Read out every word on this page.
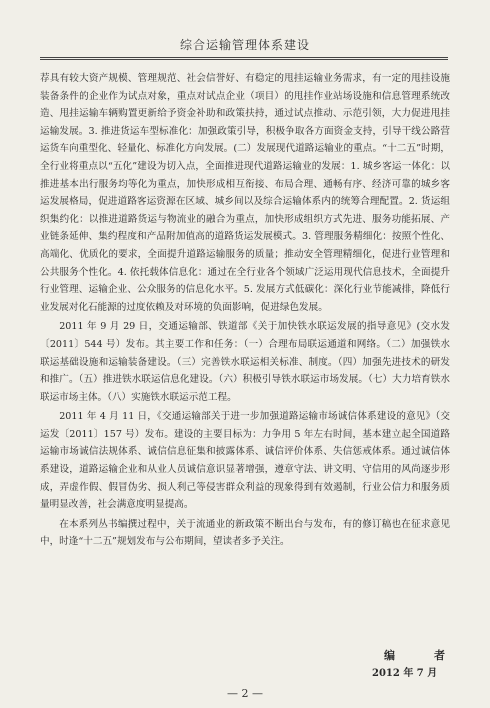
综合运输管理体系建设

荐具有较大资产规模、管理规范、社会信誉好、有稳定的甩挂运输业务需求，有一定的甩挂设施装备条件的企业作为试点对象，重点对试点企业（项目）的甩挂作业站场设施和信息管理系统改造、甩挂运输车辆购置更新给予资金补助和政策扶持，通过试点推动、示范引领，大力促进甩挂运输发展。3. 推进货运车型标准化：加强政策引导，积极争取各方面资金支持，引导干线公路营运货车向重型化、轻量化、标准化方向发展。(二）发展现代道路运输业的重点。“十二五”时期，全行业将重点以“五化”建设为切入点，全面推进现代道路运输业的发展：1. 城乡客运一体化：以推进基本出行服务均等化为重点，加快形成相互衔接、布局合理、通畅有序、经济可靠的城乡客运发展格局，促进道路客运资源在区域、城乡间以及综合运输体系内的统筹合理配置。2. 货运组织集约化：以推进道路货运与物流业的融合为重点，加快形成组织方式先进、服务功能拓展、产业链条延伸、集约程度和产品附加值高的道路货运发展模式。3. 管理服务精细化：按照个性化、高端化、优质化的要求，全面提升道路运输服务的质量；推动安全管理精细化，促进行业管理和公共服务个性化。4. 依托载体信息化：通过在全行业各个领域广泛运用现代信息技术，全面提升行业管理、运输企业、公众服务的信息化水平。5. 发展方式低碳化：深化行业节能减排，降低行业发展对化石能源的过度依赖及对环境的负面影响，促进绿色发展。

2011 年 9 月 29 日，交通运输部、铁道部《关于加快铁水联运发展的指导意见》(交水发〔2011〕544 号）发布。其主要工作和任务：（一）合理布局联运通道和网络。（二）加强铁水联运基础设施和运输装备建设。（三）完善铁水联运相关标准、制度。（四）加强先进技术的研发和推广。（五）推进铁水联运信息化建设。（六）积极引导铁水联运市场发展。（七）大力培育铁水联运市场主体。（八）实施铁水联运示范工程。

2011 年 4 月 11 日，《交通运输部关于进一步加强道路运输市场诚信体系建设的意见》（交运发〔2011〕157 号）发布。建设的主要目标为：力争用 5 年左右时间，基本建立起全国道路运输市场诚信法规体系、诚信信息征集和披露体系、诚信评价体系、失信惩戒体系。通过诚信体系建设，道路运输企业和从业人员诚信意识显著增强，遵章守法、讲文明、守信用的风尚逐步形成，弄虚作假、假冒伪劣、损人利己等侵害群众利益的现象得到有效遏制，行业公信力和服务质量明显改善，社会满意度明显提高。

在本系列丛书编撰过程中，关于流通业的新政策不断出台与发布，有的修订稿也在征求意见中，时逢“十二五”规划发布与公布期间，望读者多予关注。

编　者
2012 年 7 月
— 2 —
